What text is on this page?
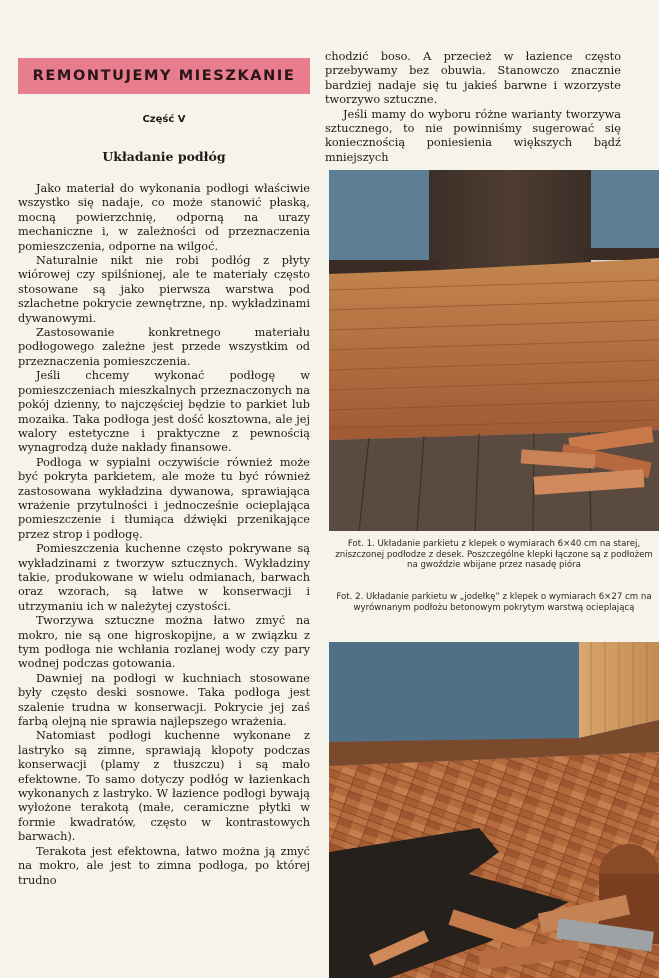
REMONTUJEMY MIESZKANIE
Część V
Układanie podłóg

Jako materiał do wykonania podłogi właściwie wszystko się nadaje, co może stanowić płaską, mocną powierzchnię, odporną na urazy mechaniczne i, w zależności od przeznaczenia pomieszczenia, odporne na wilgoć.

Naturalnie nikt nie robi podłóg z płyty wiórowej czy spilśnionej, ale te materiały często stosowane są jako pierwsza warstwa pod szlachetne pokrycie zewnętrzne, np. wykładzinami dywanowymi.

Zastosowanie konkretnego materiału podłogowego zależne jest przede wszystkim od przeznaczenia pomieszczenia.

Jeśli chcemy wykonać podłogę w pomieszczeniach mieszkalnych przeznaczonych na pokój dzienny, to najczęściej będzie to parkiet lub mozaika. Taka podłoga jest dość kosztowna, ale jej walory estetyczne i praktyczne z pewnością wynagrodzą duże nakłady finansowe.

Podłoga w sypialni oczywiście również może być pokryta parkietem, ale może tu być również zastosowana wykładzina dywanowa, sprawiająca wrażenie przytulności i jednocześnie ocieplająca pomieszczenie i tłumiąca dźwięki przenikające przez strop i podłogę.

Pomieszczenia kuchenne często pokrywane są wykładzinami z tworzyw sztucznych. Wykładziny takie, produkowane w wielu odmianach, barwach oraz wzorach, są łatwe w konserwacji i utrzymaniu ich w należytej czystości.

Tworzywa sztuczne można łatwo zmyć na mokro, nie są one higroskopijne, a w związku z tym podłoga nie wchłania rozlanej wody czy pary wodnej podczas gotowania.

Dawniej na podłogi w kuchniach stosowane były często deski sosnowe. Taka podłoga jest szalenie trudna w konserwacji. Pokrycie jej zaś farbą olejną nie sprawia najlepszego wrażenia.

Natomiast podłogi kuchenne wykonane z lastryko są zimne, sprawiają kłopoty podczas konserwacji (plamy z tłuszczu) i są mało efektowne. To samo dotyczy podłóg w łazienkach wykonanych z lastryko. W łazience podłogi bywają wyłożone terakotą (małe, ceramiczne płytki w formie kwadratów, często w kontrastowych barwach).

Terakota jest efektowna, łatwo można ją zmyć na mokro, ale jest to zimna podłoga, po której trudno

chodzić boso. A przecież w łazience często przebywamy bez obuwia. Stanowczo znacznie bardziej nadaje się tu jakieś barwne i wzorzyste tworzywo sztuczne.

Jeśli mamy do wyboru różne warianty tworzywa sztucznego, to nie powinniśmy sugerować się koniecznością poniesienia większych bądź mniejszych

Fot. 1. Układanie parkietu z klepek o wymiarach 6×40 cm na starej, zniszczonej podłodze z desek. Poszczególne klepki łączone są z podłożem na gwoździe wbijane przez nasadę pióra
Fot. 2. Układanie parkietu w „jodełkę” z klepek o wymiarach 6×27 cm na wyrównanym podłożu betonowym pokrytym warstwą ocieplającą
